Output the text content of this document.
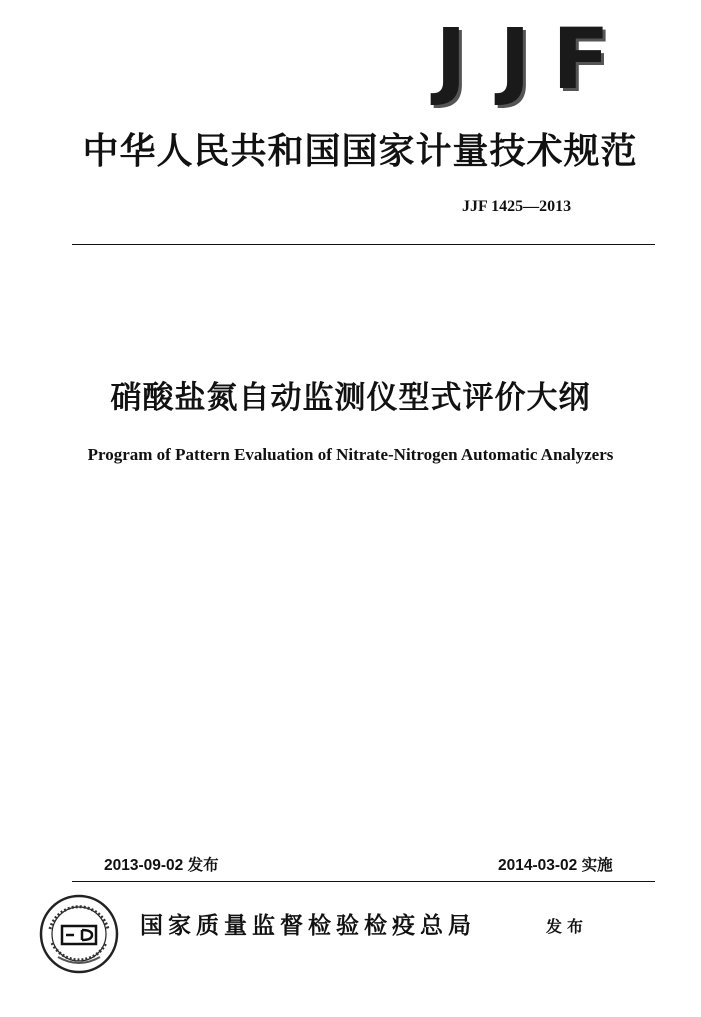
J J F
中华人民共和国国家计量技术规范
JJF 1425—2013
硝酸盐氮自动监测仪型式评价大纲
Program of Pattern Evaluation of Nitrate-Nitrogen Automatic Analyzers
2013-09-02 发布	2014-03-02 实施
国家质量监督检验检疫总局	发布
